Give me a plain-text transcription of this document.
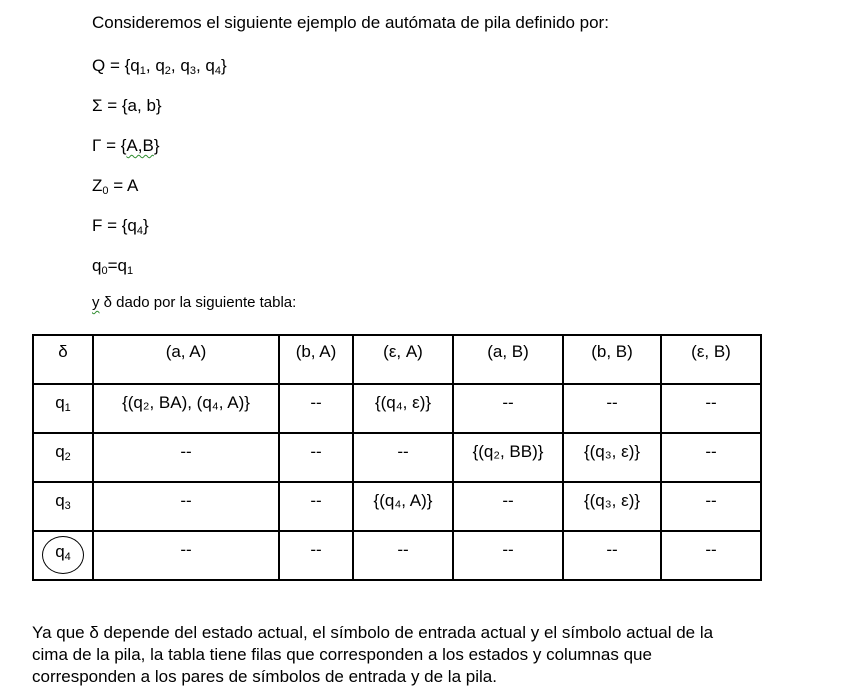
Consideremos el siguiente ejemplo de autómata de pila definido por:
$Q = \{q_1$, $q_2$, $q_3$, $q_4$}
Σ = {a, b}
Γ = {A,B}
$Z_0 = A$
$F = \{q_4\}$
$q_0=q_1$
y δ dado por la siguiente tabla:
δ	(a, A)	(b, A)	(ε, A)	(a, B)	(b, B)	(ε, B)
$q_1$	{(q₂, BA), (q₄, A)}	--	{(q₄, ε)}	--	--	--
$q_2$	--	--	--	{(q₂, BB)}	{(q₃, ε)}	--
$q_3$	--	--	{(q₄, A)}	--	{(q₃, ε)}	--
$q_4$	--	--	--	--	--	--
Ya que δ depende del estado actual, el símbolo de entrada actual y el símbolo actual de la
cima de la pila, la tabla tiene filas que corresponden a los estados y columnas que
corresponden a los pares de símbolos de entrada y de la pila.
